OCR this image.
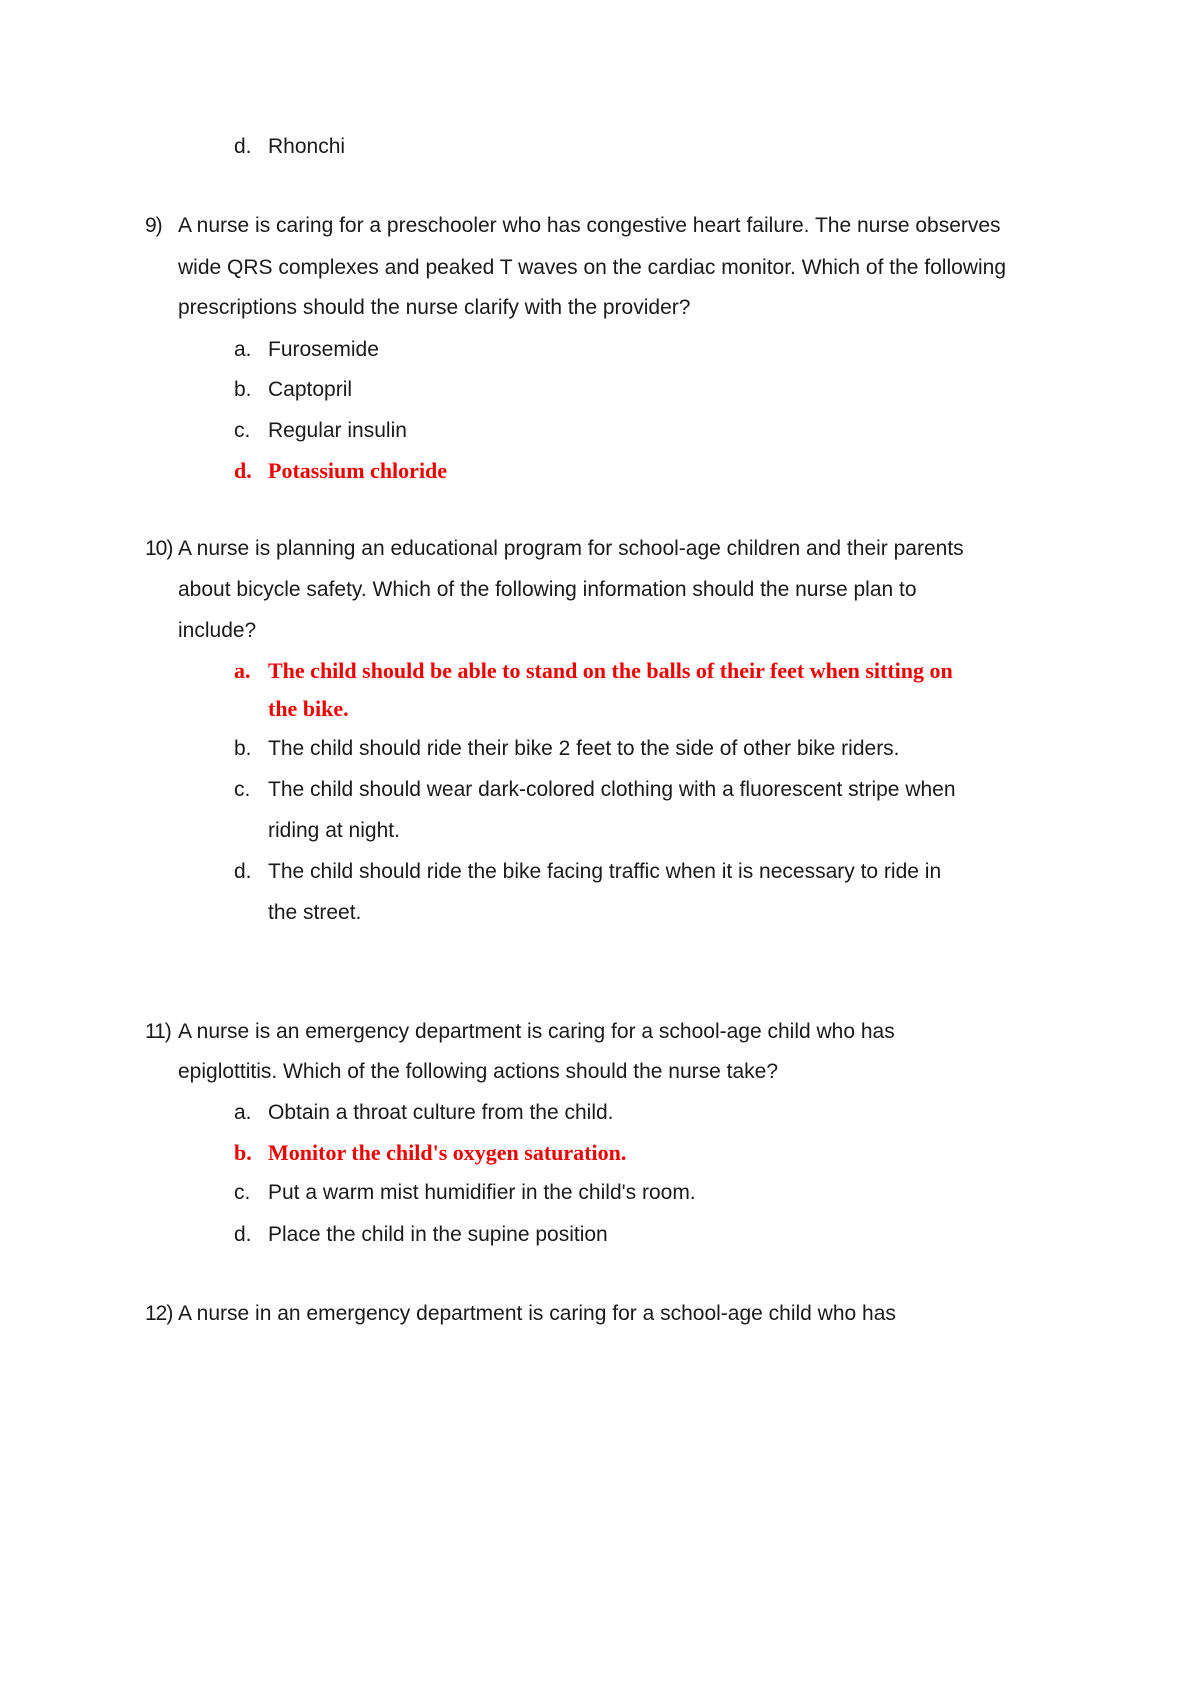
d. Rhonchi
9) A nurse is caring for a preschooler who has congestive heart failure. The nurse observes
wide QRS complexes and peaked T waves on the cardiac monitor. Which of the following
prescriptions should the nurse clarify with the provider?
a. Furosemide
b. Captopril
c. Regular insulin
d. Potassium chloride
10) A nurse is planning an educational program for school-age children and their parents
about bicycle safety. Which of the following information should the nurse plan to
include?
a. The child should be able to stand on the balls of their feet when sitting on
the bike.
b. The child should ride their bike 2 feet to the side of other bike riders.
c. The child should wear dark-colored clothing with a fluorescent stripe when
riding at night.
d. The child should ride the bike facing traffic when it is necessary to ride in
the street.
11) A nurse is an emergency department is caring for a school-age child who has
epiglottitis. Which of the following actions should the nurse take?
a. Obtain a throat culture from the child.
b. Monitor the child's oxygen saturation.
c. Put a warm mist humidifier in the child's room.
d. Place the child in the supine position
12) A nurse in an emergency department is caring for a school-age child who has
